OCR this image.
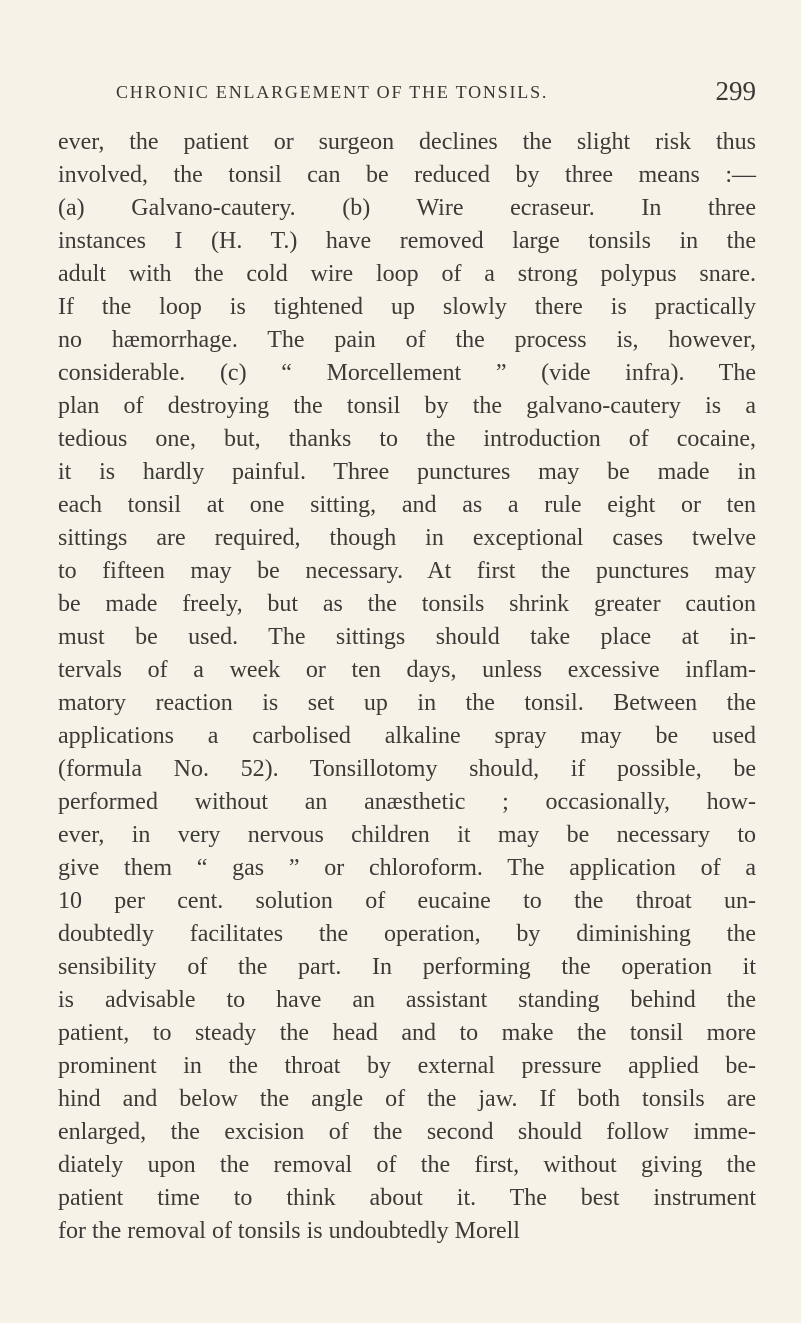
CHRONIC ENLARGEMENT OF THE TONSILS.	299
ever, the patient or surgeon declines the slight risk thus
involved, the tonsil can be reduced by three means :—
(a) Galvano-cautery. (b) Wire ecraseur. In three
instances I (H. T.) have removed large tonsils in the
adult with the cold wire loop of a strong polypus snare.
If the loop is tightened up slowly there is practically
no hæmorrhage. The pain of the process is, however,
considerable. (c) “ Morcellement ” (vide infra). The
plan of destroying the tonsil by the galvano-cautery is a
tedious one, but, thanks to the introduction of cocaine,
it is hardly painful. Three punctures may be made in
each tonsil at one sitting, and as a rule eight or ten
sittings are required, though in exceptional cases twelve
to fifteen may be necessary. At first the punctures may
be made freely, but as the tonsils shrink greater caution
must be used. The sittings should take place at in-
tervals of a week or ten days, unless excessive inflam-
matory reaction is set up in the tonsil. Between the
applications a carbolised alkaline spray may be used
(formula No. 52). Tonsillotomy should, if possible, be
performed without an anæsthetic ; occasionally, how-
ever, in very nervous children it may be necessary to
give them “ gas ” or chloroform. The application of a
10 per cent. solution of eucaine to the throat un-
doubtedly facilitates the operation, by diminishing the
sensibility of the part. In performing the operation it
is advisable to have an assistant standing behind the
patient, to steady the head and to make the tonsil more
prominent in the throat by external pressure applied be-
hind and below the angle of the jaw. If both tonsils are
enlarged, the excision of the second should follow imme-
diately upon the removal of the first, without giving the
patient time to think about it. The best instrument
for the removal of tonsils is undoubtedly Morell
